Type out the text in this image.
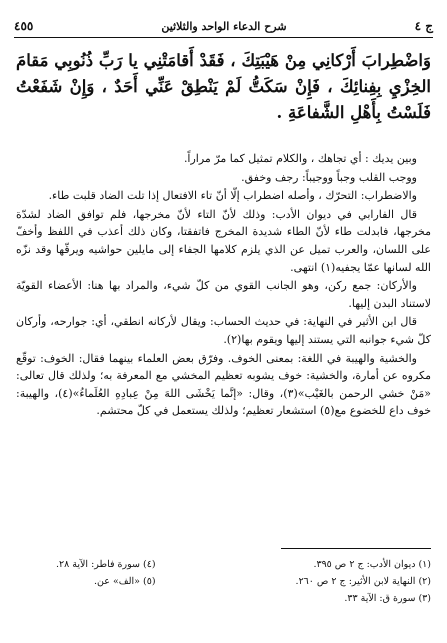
ج ٤
شرح الدعاء الواحد والثلاثين
٤٥٥
وَاضْطِرابَ أَرْكانِي مِنْ هَيْبَتِكَ ، فَقَدْ أَقامَتْنِي يا رَبِّ ذُنُوبِي مَقامَ الخِزْيِ بِفِنائِكَ ، فَإِنْ سَكَتُّ لَمْ يَنْطِقْ عَنِّي أَحَدٌ ، وَإِنْ شَفَعْتُ فَلَسْتُ بِأَهْلِ الشَّفاعَةِ .

وبين يديك : أي تجاهك ، والكلام تمثيل كما مرّ مراراً.

ووجب القلب وجباً ووجيباً: رجف وخفق.

والاضطراب: التحرّك ، وأصله اضطراب إلّا أنّ تاء الافتعال إذا تلت الضاد قلبت طاء.

قال الفارابي في ديوان الأدب: وذلك لأنّ التاء لأنّ مخرجها، فلم توافق الضاد لشدّة مخرجها، فابدلت طاء لأنّ الطاء شديدة المخرج فاتفقتا، وكان ذلك أعذب في اللفظ وأخفّ على اللسان، والعرب تميل عن الذي يلزم كلامها الجفاء إلى مايلين حواشيه ويرقّها وقد نزّه الله لسانها عمّا يجفيه(١) انتهى.

والأركان: جمع ركن، وهو الجانب القوي من كلّ شيء، والمراد بها هنا: الأعضاء القويّة لاستناد البدن إليها.

قال ابن الأثير في النهاية: في حديث الحساب: ويقال لأركانه انطقي، أي: جوارحه، وأركان كلّ شيء جوانبه التي يستند إليها ويقوم بها(٢).

والخشية والهيبة في اللغة: بمعنى الخوف. وفرّق بعض العلماء بينهما فقال: الخوف: توقّع مكروه عن أمارة، والخشية: خوف يشوبه تعظيم المخشي مع المعرفة به؛ ولذلك قال تعالى: «مَنْ خشي الرحمن بالغَيْب»(٣)، وقال: «إنَّما يَخْشَى اللهَ مِنْ عِبادِهِ العُلَماءُ»(٤)، والهيبة: خوف داع للخضوع مع(٥) استشعار تعظيم؛ ولذلك يستعمل في كلّ محتشم.

(١) ديوان الأدب: ج ٢ ص ٣٩٥.
(٢) النهاية لابن الأثير: ج ٢ ص ٢٦٠.
(٣) سورة ق: الآية ٣٣.
(٤) سورة فاطر: الآية ٢٨.
(٥) «الف» عن.
